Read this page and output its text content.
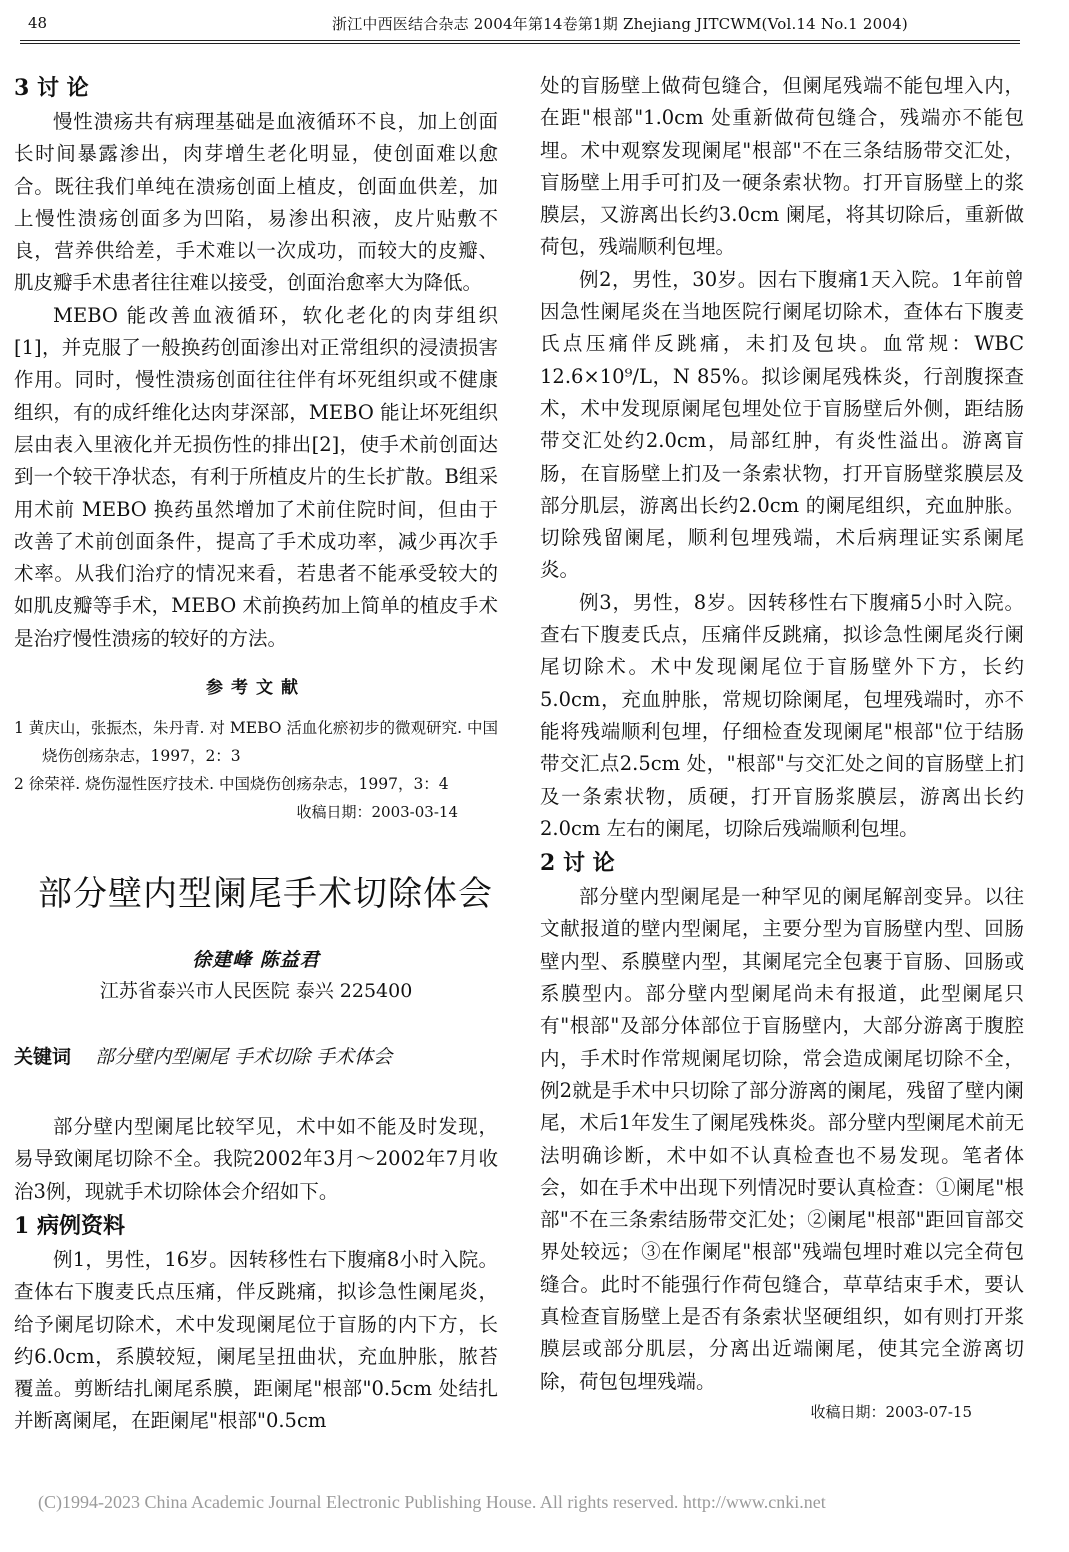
48	浙江中西医结合杂志 2004年第14卷第1期 Zhejiang JITCWM(Vol.14 No.1 2004)
3 讨 论

慢性溃疡共有病理基础是血液循环不良，加上创面长时间暴露渗出，肉芽增生老化明显，使创面难以愈合。既往我们单纯在溃疡创面上植皮，创面血供差，加上慢性溃疡创面多为凹陷，易渗出积液，皮片贴敷不良，营养供给差，手术难以一次成功，而较大的皮瓣、肌皮瓣手术患者往往难以接受，创面治愈率大为降低。

MEBO 能改善血液循环，软化老化的肉芽组织[1]，并克服了一般换药创面渗出对正常组织的浸渍损害作用。同时，慢性溃疡创面往往伴有坏死组织或不健康组织，有的成纤维化达肉芽深部，MEBO 能让坏死组织层由表入里液化并无损伤性的排出[2]，使手术前创面达到一个较干净状态，有利于所植皮片的生长扩散。B组采用术前 MEBO 换药虽然增加了术前住院时间，但由于改善了术前创面条件，提高了手术成功率，减少再次手术率。从我们治疗的情况来看，若患者不能承受较大的如肌皮瓣等手术，MEBO 术前换药加上简单的植皮手术是治疗慢性溃疡的较好的方法。

参考文献

1 黄庆山，张振杰，朱丹青. 对 MEBO 活血化瘀初步的微观研究. 中国烧伤创疡杂志，1997，2：3

2 徐荣祥. 烧伤湿性医疗技术. 中国烧伤创疡杂志，1997，3：4

收稿日期：2003-03-14

部分壁内型阑尾手术切除体会

徐建峰 陈益君

江苏省泰兴市人民医院 泰兴 225400

关键词 部分壁内型阑尾 手术切除 手术体会

部分壁内型阑尾比较罕见，术中如不能及时发现，易导致阑尾切除不全。我院2002年3月～2002年7月收治3例，现就手术切除体会介绍如下。

1 病例资料

例1，男性，16岁。因转移性右下腹痛8小时入院。查体右下腹麦氏点压痛，伴反跳痛，拟诊急性阑尾炎，给予阑尾切除术，术中发现阑尾位于盲肠的内下方，长约6.0cm，系膜较短，阑尾呈扭曲状，充血肿胀，脓苔覆盖。剪断结扎阑尾系膜，距阑尾"根部"0.5cm 处结扎并断离阑尾，在距阑尾"根部"0.5cm

处的盲肠壁上做荷包缝合，但阑尾残端不能包埋入内，在距"根部"1.0cm 处重新做荷包缝合，残端亦不能包埋。术中观察发现阑尾"根部"不在三条结肠带交汇处，盲肠壁上用手可扪及一硬条索状物。打开盲肠壁上的浆膜层，又游离出长约3.0cm 阑尾，将其切除后，重新做荷包，残端顺利包埋。

例2，男性，30岁。因右下腹痛1天入院。1年前曾因急性阑尾炎在当地医院行阑尾切除术，查体右下腹麦氏点压痛伴反跳痛，未扪及包块。血常规：WBC 12.6×10⁹/L，N 85%。拟诊阑尾残株炎，行剖腹探查术，术中发现原阑尾包埋处位于盲肠壁后外侧，距结肠带交汇处约2.0cm，局部红肿，有炎性溢出。游离盲肠，在盲肠壁上扪及一条索状物，打开盲肠壁浆膜层及部分肌层，游离出长约2.0cm 的阑尾组织，充血肿胀。切除残留阑尾，顺利包埋残端，术后病理证实系阑尾炎。

例3，男性，8岁。因转移性右下腹痛5小时入院。查右下腹麦氏点，压痛伴反跳痛，拟诊急性阑尾炎行阑尾切除术。术中发现阑尾位于盲肠壁外下方，长约5.0cm，充血肿胀，常规切除阑尾，包埋残端时，亦不能将残端顺利包埋，仔细检查发现阑尾"根部"位于结肠带交汇点2.5cm 处，"根部"与交汇处之间的盲肠壁上扪及一条索状物，质硬，打开盲肠浆膜层，游离出长约2.0cm 左右的阑尾，切除后残端顺利包埋。

2 讨 论

部分壁内型阑尾是一种罕见的阑尾解剖变异。以往文献报道的壁内型阑尾，主要分型为盲肠壁内型、回肠壁内型、系膜壁内型，其阑尾完全包裹于盲肠、回肠或系膜型内。部分壁内型阑尾尚未有报道，此型阑尾只有"根部"及部分体部位于盲肠壁内，大部分游离于腹腔内，手术时作常规阑尾切除，常会造成阑尾切除不全，例2就是手术中只切除了部分游离的阑尾，残留了壁内阑尾，术后1年发生了阑尾残株炎。部分壁内型阑尾术前无法明确诊断，术中如不认真检查也不易发现。笔者体会，如在手术中出现下列情况时要认真检查：①阑尾"根部"不在三条索结肠带交汇处；②阑尾"根部"距回盲部交界处较远；③在作阑尾"根部"残端包埋时难以完全荷包缝合。此时不能强行作荷包缝合，草草结束手术，要认真检查盲肠壁上是否有条索状坚硬组织，如有则打开浆膜层或部分肌层，分离出近端阑尾，使其完全游离切除，荷包包埋残端。

收稿日期：2003-07-15

(C)1994-2023 China Academic Journal Electronic Publishing House. All rights reserved. http://www.cnki.net
